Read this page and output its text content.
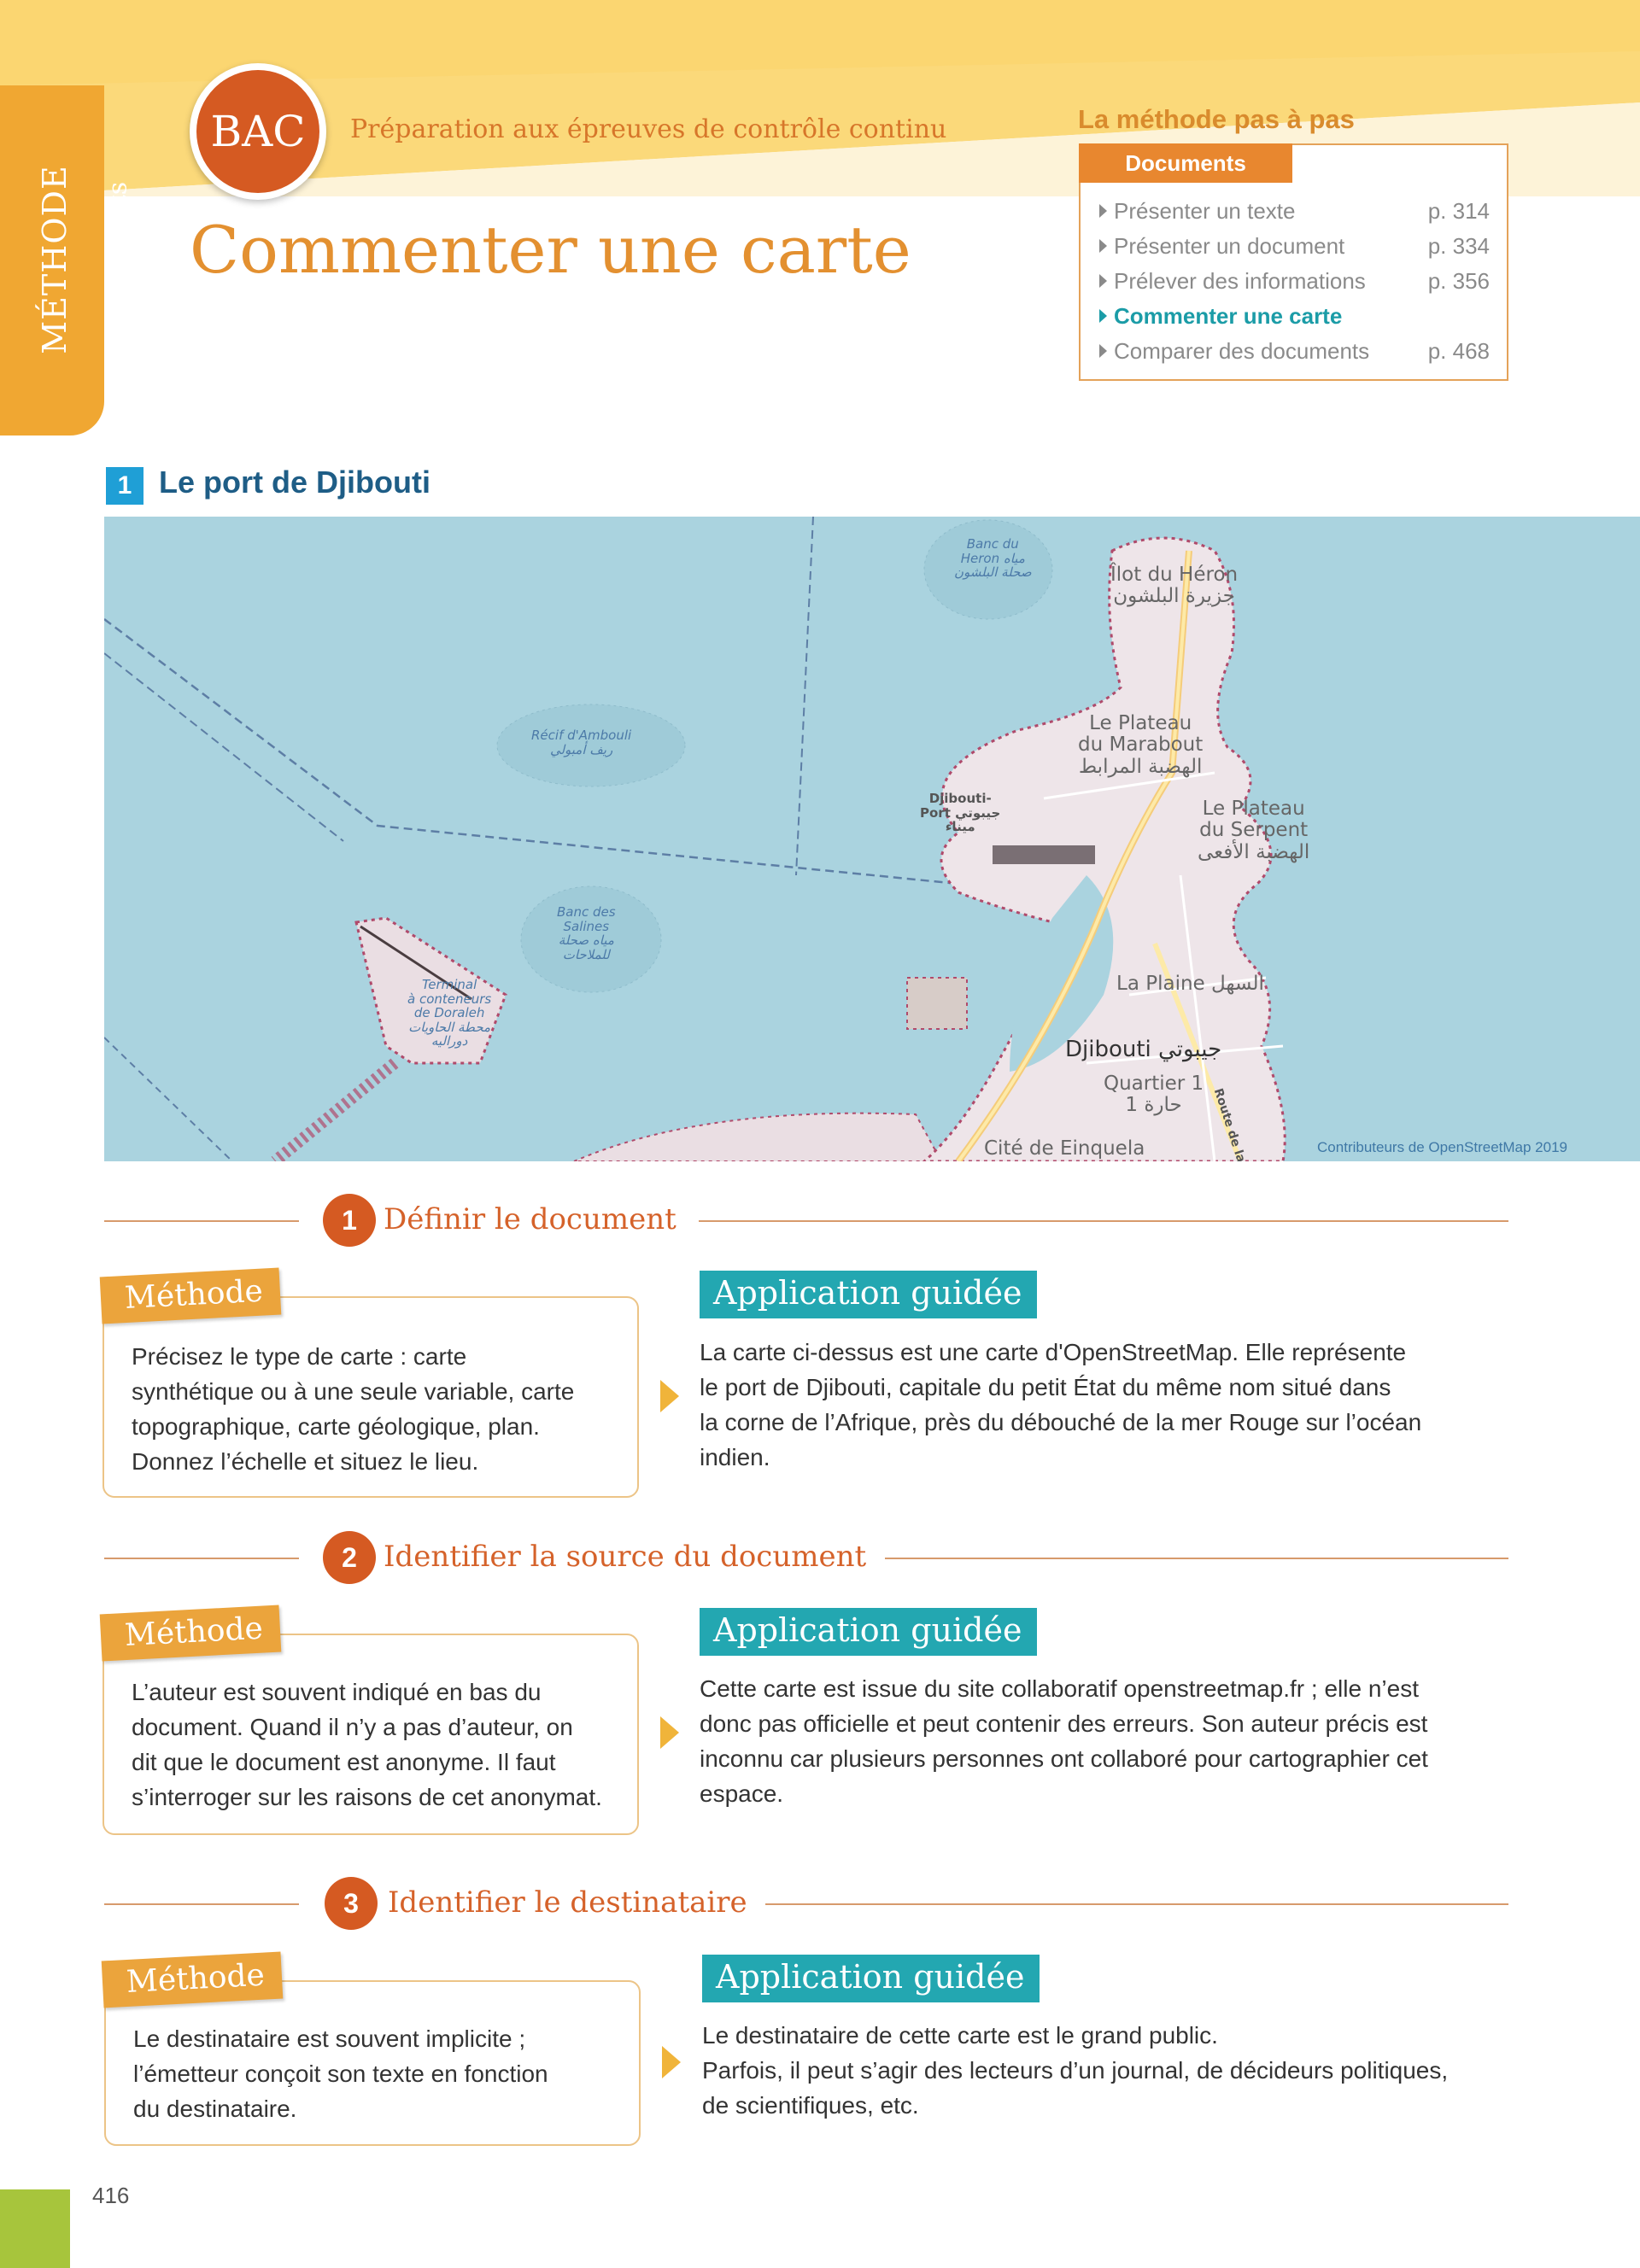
MÉTHODE documents
BAC	Préparation aux épreuves de contrôle continu
Commenter une carte
La méthode pas à pas
Présenter un texte	p. 314
Présenter un document	p. 334
Prélever des informations	p. 356
Commenter une carte
Comparer des documents	p. 468
Documents
1 Le port de Djibouti
Banc du
Heron ﻣﻴﺎﻩ
ﺻﺤﻠﺔ ﺍﻟﺒﻠﺸﻮﻥ	Îlot du Héron
ﺟﺰﻳﺮﺓ ﺍﻟﺒﻠﺸﻮﻥ
Récif d'Ambouli
ﺭﻳﻒ ﺃﻣﺒﻮﻟﻲ
Le Plateau
du Marabout
ﺍﻟﻬﻀﺒﺔ ﺍﻟﻤﺮﺍﺑﻂ
Djibouti-
Port ﺟﻴﺒﻮﺗﻲ
ﻣﻴﻨﺎﺀ
Le Plateau
du Serpent
ﺍﻟﻬﻀﺒﺔ ﺍﻷﻓﻌﻰ
Banc des
Salines
ﻣﻴﺎﻩ ﺻﺤﻠﺔ
ﻟﻠﻤﻼﺣﺎﺕ
Terminal
à conteneurs
de Doraleh
ﻣﺤﻄﺔ ﺍﻟﺤﺎﻭﻳﺎﺕ
ﺩﻭﺭﺍﻟﻴﻪ
La Plaine ﺍﻟﺴﻬﻞ
Djibouti ﺟﻴﺒﻮﺗﻲ
Quartier 1
ﺣﺎﺭﺓ 1
Cité de Einquela	Contributeurs de OpenStreetMap 2019
1 Définir le document
Précisez le type de carte : carte
synthétique ou à une seule variable, carte
topographique, carte géologique, plan.
Donnez l’échelle et situez le lieu.
Méthode	Application guidée
La carte ci-dessus est une carte d'OpenStreetMap. Elle représente
le port de Djibouti, capitale du petit État du même nom situé dans
la corne de l’Afrique, près du débouché de la mer Rouge sur l’océan
indien.
2 Identifier la source du document
L’auteur est souvent indiqué en bas du
document. Quand il n’y a pas d’auteur, on
dit que le document est anonyme. Il faut
s’interroger sur les raisons de cet anonymat.
Méthode	Application guidée
Cette carte est issue du site collaboratif openstreetmap.fr ; elle n’est
donc pas officielle et peut contenir des erreurs. Son auteur précis est
inconnu car plusieurs personnes ont collaboré pour cartographier cet
espace.
3	Identifier le destinataire
Le destinataire est souvent implicite ;
l’émetteur conçoit son texte en fonction
du destinataire.
Méthode	Application guidée
Le destinataire de cette carte est le grand public.
Parfois, il peut s’agir des lecteurs d’un journal, de décideurs politiques,
de scientifiques, etc.
416
